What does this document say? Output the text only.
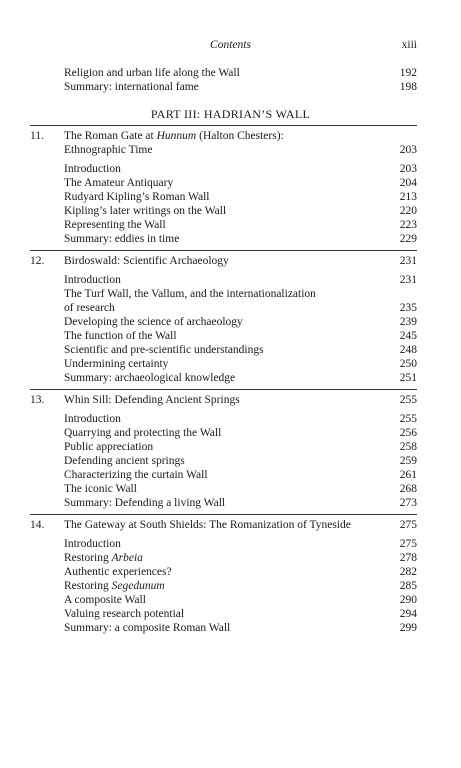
Contents	xiii
Religion and urban life along the Wall	192
Summary: international fame	198
PART III: HADRIAN’S WALL
11. The Roman Gate at Hunnum (Halton Chesters):
Ethnographic Time	203
Introduction	203
The Amateur Antiquary	204
Rudyard Kipling’s Roman Wall	213
Kipling’s later writings on the Wall	220
Representing the Wall	223
Summary: eddies in time	229
12. Birdoswald: Scientific Archaeology	231
Introduction	231
The Turf Wall, the Vallum, and the internationalization
of research	235
Developing the science of archaeology	239
The function of the Wall	245
Scientific and pre-scientific understandings	248
Undermining certainty	250
Summary: archaeological knowledge	251
13. Whin Sill: Defending Ancient Springs	255
Introduction	255
Quarrying and protecting the Wall	256
Public appreciation	258
Defending ancient springs	259
Characterizing the curtain Wall	261
The iconic Wall	268
Summary: Defending a living Wall	273
14. The Gateway at South Shields: The Romanization of Tyneside	275
Introduction	275
Restoring Arbeia	278
Authentic experiences?	282
Restoring Segedunum	285
A composite Wall	290
Valuing research potential	294
Summary: a composite Roman Wall	299
